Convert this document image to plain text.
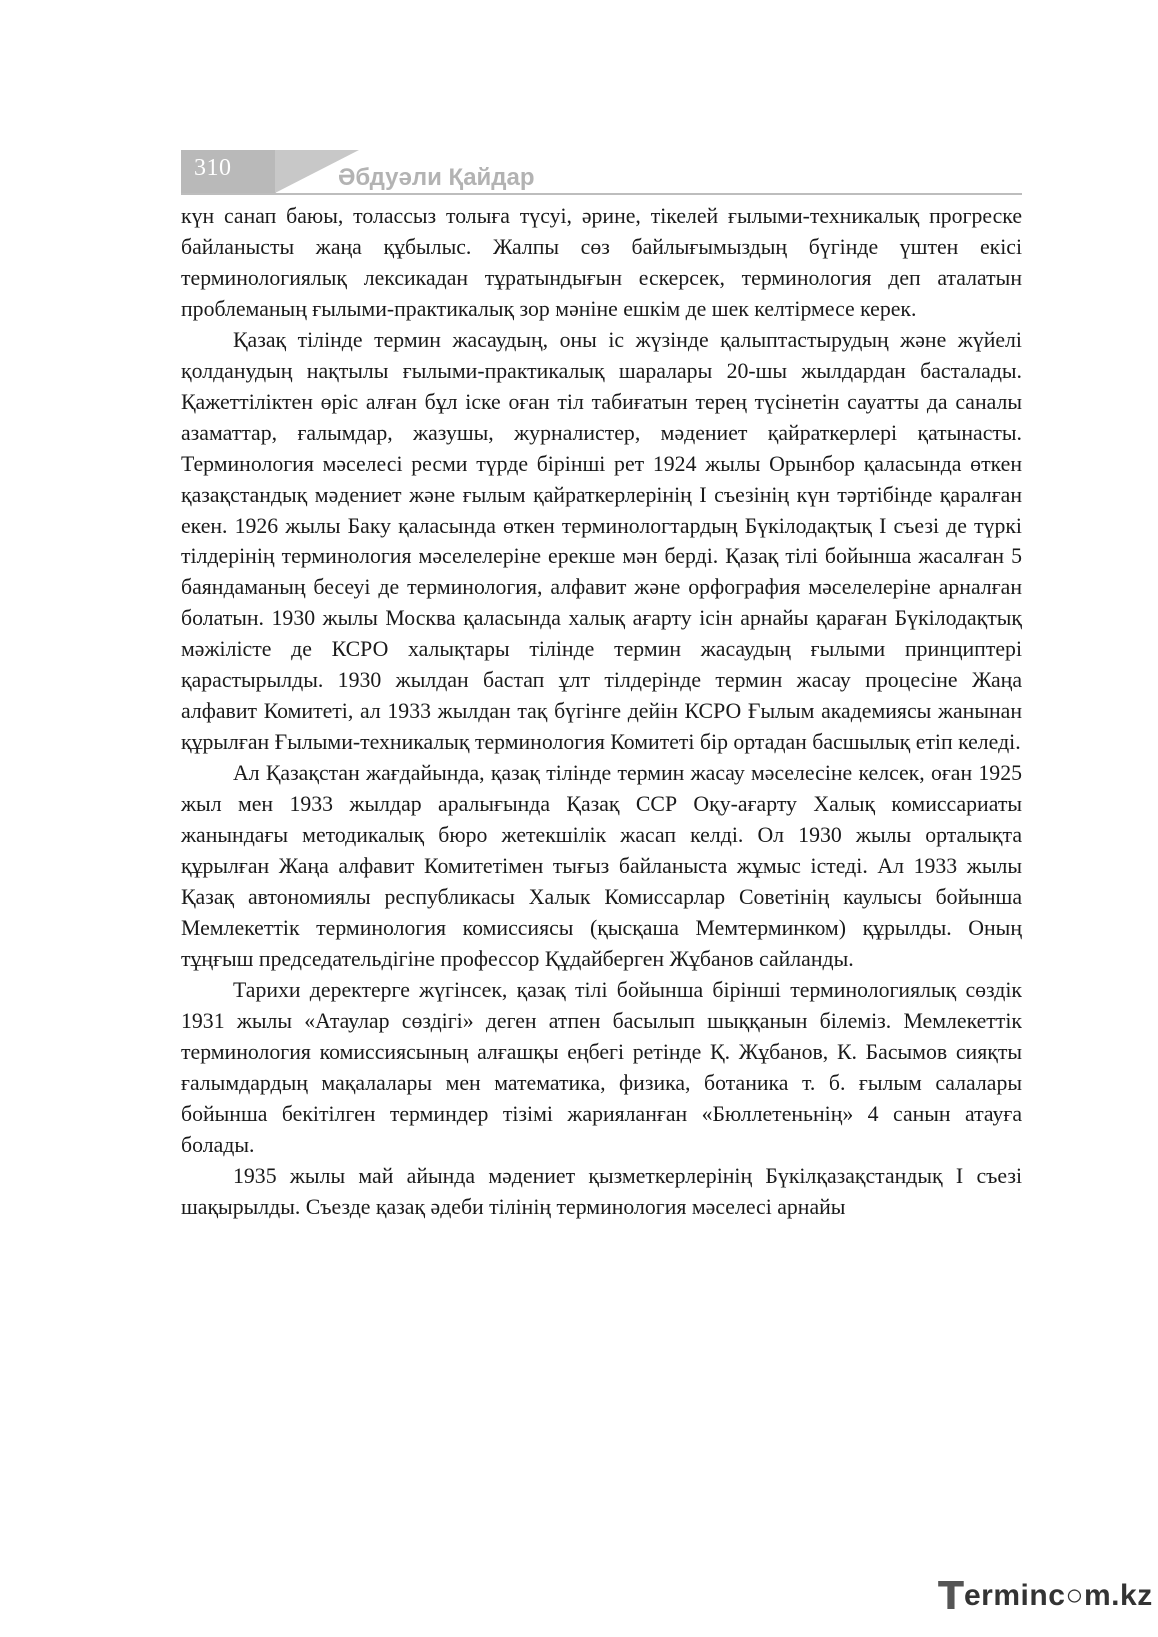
310	Әбдуәли Қайдар

күн санап баюы, толассыз толыға түсуі, әрине, тікелей ғылыми-техникалық прогреске байланысты жаңа құбылыс. Жалпы сөз байлығымыздың бүгінде үштен екісі терминологиялық лексикадан тұратындығын ескерсек, терминология деп аталатын проблеманың ғылыми-практикалық зор мәніне ешкім де шек келтірмесе керек.

Қазақ тілінде термин жасаудың, оны іс жүзінде қалыптастырудың және жүйелі қолданудың нақтылы ғылыми-практикалық шаралары 20-шы жылдардан басталады. Қажеттіліктен өріс алған бұл іске оған тіл табиғатын терең түсінетін сауатты да саналы азаматтар, ғалымдар, жазушы, журналистер, мәдениет қайраткерлері қатынасты. Терминология мәселесі ресми түрде бірінші рет 1924 жылы Орынбор қаласында өткен қазақстандық мәдениет және ғылым қайраткерлерінің І съезінің күн тәртібінде қаралған екен. 1926 жылы Баку қаласында өткен терминологтардың Бүкілодақтық І съезі де түркі тілдерінің терминология мәселелеріне ерекше мән берді. Қазақ тілі бойынша жасалған 5 баяндаманың бесеуі де терминология, алфавит және орфография мәселелеріне арналған болатын. 1930 жылы Москва қаласында халық ағарту ісін арнайы қараған Бүкілодақтық мәжілісте де КСРО халықтары тілінде термин жасаудың ғылыми принциптері қарастырылды. 1930 жылдан бастап ұлт тілдерінде термин жасау процесіне Жаңа алфавит Комитеті, ал 1933 жылдан тақ бүгінге дейін КСРО Ғылым академиясы жанынан құрылған Ғылыми-техникалық терминология Комитеті бір ортадан басшылық етіп келеді.

Ал Қазақстан жағдайында, қазақ тілінде термин жасау мәселесіне келсек, оған 1925 жыл мен 1933 жылдар аралығында Қазақ ССР Оқу-ағарту Халық комиссариаты жанындағы методикалық бюро жетекшілік жасап келді. Ол 1930 жылы орталықта құрылған Жаңа алфавит Комитетімен тығыз байланыста жұмыс істеді. Ал 1933 жылы Қазақ автономиялы республикасы Халык Комиссарлар Советінің каулысы бойынша Мемлекеттік терминология комиссиясы (қысқаша Мемтерминком) құрылды. Оның тұңғыш председательдігіне профессор Құдайберген Жұбанов сайланды.

Тарихи деректерге жүгінсек, қазақ тілі бойынша бірінші терминологиялық сөздік 1931 жылы «Атаулар сөздігі» деген атпен басылып шыққанын білеміз. Мемлекеттік терминология комиссиясының алғашқы еңбегі ретінде Қ. Жұбанов, К. Басымов сияқты ғалымдардың мақалалары мен математика, физика, ботаника т. б. ғылым салалары бойынша бекітілген терминдер тізімі жарияланған «Бюллетеньнің» 4 санын атауға болады.

1935 жылы май айында мәдениет қызметкерлерінің Бүкілқазақстандық І съезі шақырылды. Съезде қазақ әдеби тілінің терминология мәселесі арнайы

T erminc○m.kz
